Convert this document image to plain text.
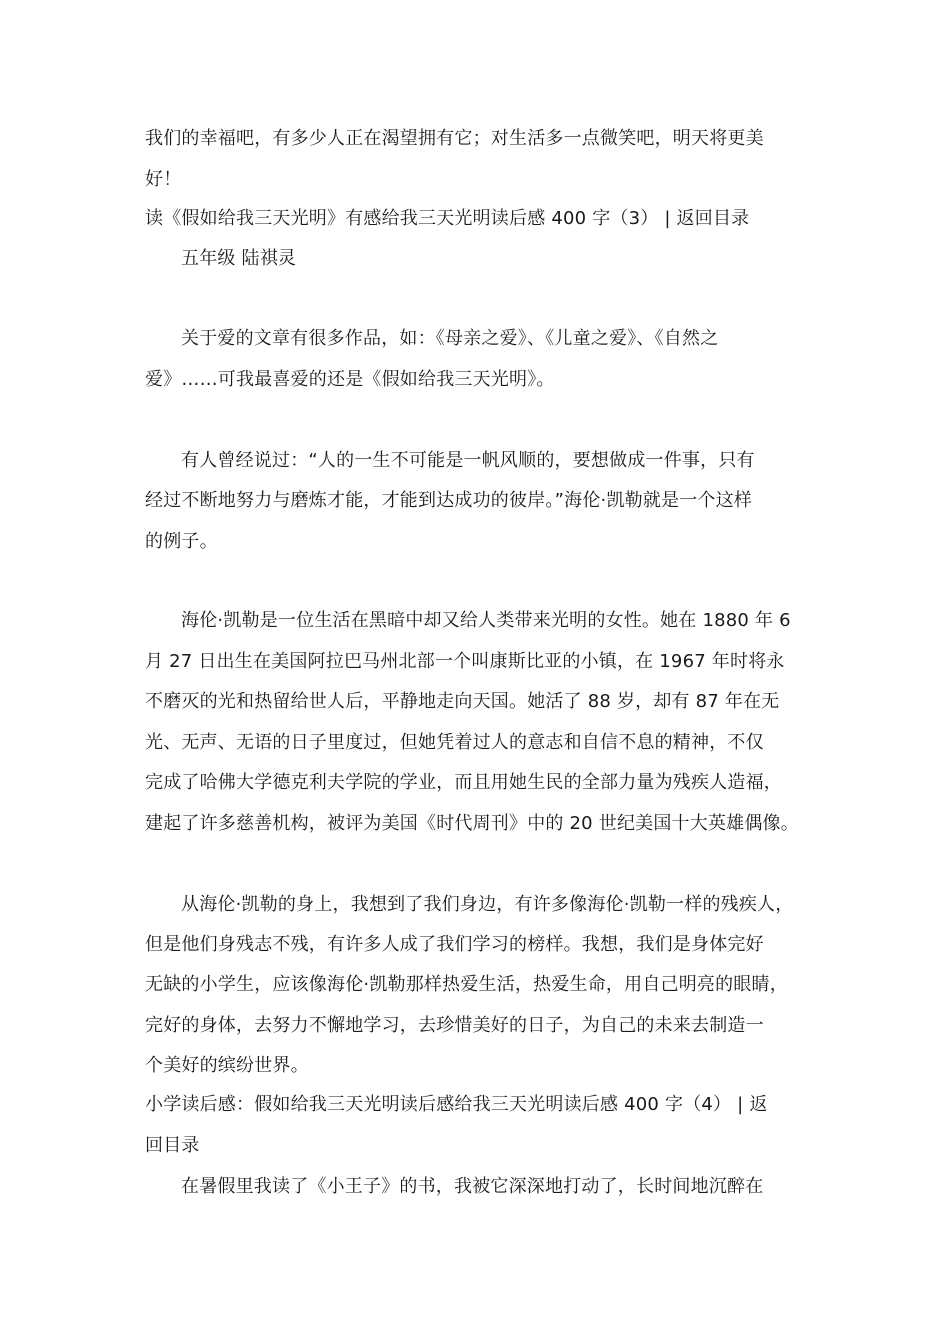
我们的幸福吧，有多少人正在渴望拥有它；对生活多一点微笑吧，明天将更美
好！
读《假如给我三天光明》有感给我三天光明读后感 400 字（3） | 返回目录
五年级 陆祺灵
关于爱的文章有很多作品，如：《母亲之爱》、《儿童之爱》、《自然之
爱》……可我最喜爱的还是《假如给我三天光明》。
有人曾经说过：“人的一生不可能是一帆风顺的，要想做成一件事，只有
经过不断地努力与磨炼才能，才能到达成功的彼岸。”海伦·凯勒就是一个这样
的例子。
海伦·凯勒是一位生活在黑暗中却又给人类带来光明的女性。她在 1880 年 6
月 27 日出生在美国阿拉巴马州北部一个叫康斯比亚的小镇，在 1967 年时将永
不磨灭的光和热留给世人后，平静地走向天国。她活了 88 岁，却有 87 年在无
光、无声、无语的日子里度过，但她凭着过人的意志和自信不息的精神，不仅
完成了哈佛大学德克利夫学院的学业，而且用她生民的全部力量为残疾人造福，
建起了许多慈善机构，被评为美国《时代周刊》中的 20 世纪美国十大英雄偶像。
从海伦·凯勒的身上，我想到了我们身边，有许多像海伦·凯勒一样的残疾人，
但是他们身残志不残，有许多人成了我们学习的榜样。我想，我们是身体完好
无缺的小学生，应该像海伦·凯勒那样热爱生活，热爱生命，用自己明亮的眼睛，
完好的身体，去努力不懈地学习，去珍惜美好的日子，为自己的未来去制造一
个美好的缤纷世界。
小学读后感：假如给我三天光明读后感给我三天光明读后感 400 字（4） | 返
回目录
在暑假里我读了《小王子》的书，我被它深深地打动了，长时间地沉醉在
